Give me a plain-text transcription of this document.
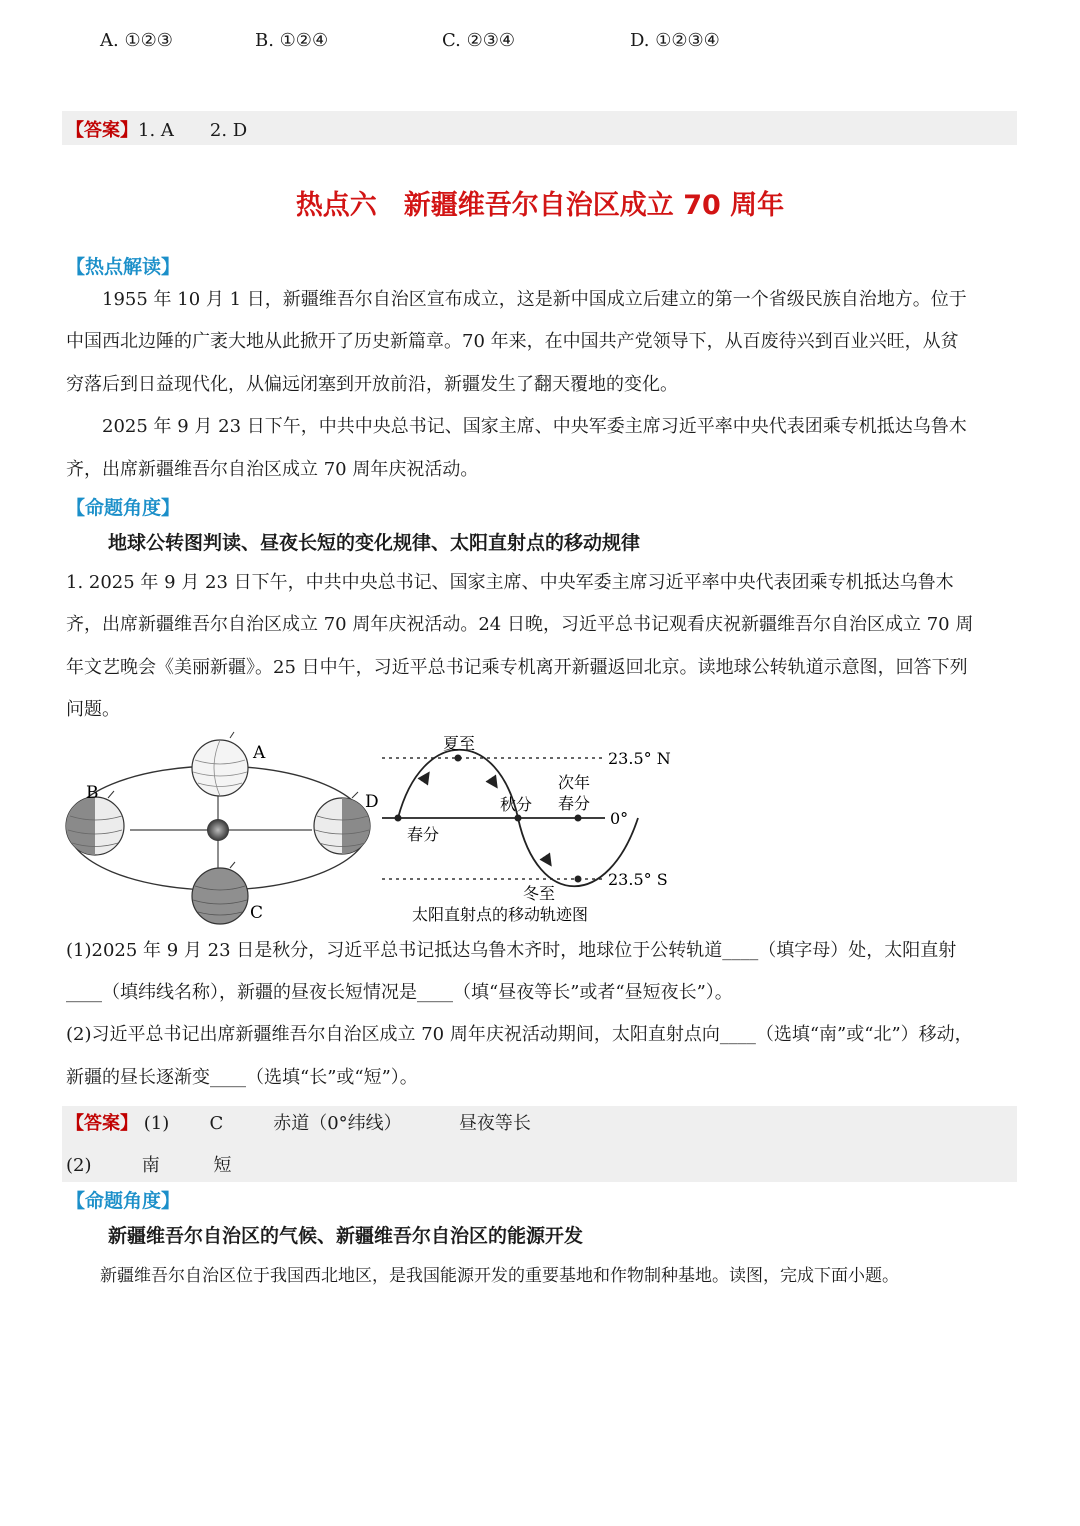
A. ①②③	B. ①②④	C. ②③④	D. ①②③④
【答案】1. A　　2. D
热点六　新疆维吾尔自治区成立 70 周年
【热点解读】
　　1955 年 10 月 1 日，新疆维吾尔自治区宣布成立，这是新中国成立后建立的第一个省级民族自治地方。位于
中国西北边陲的广袤大地从此掀开了历史新篇章。70 年来，在中国共产党领导下，从百废待兴到百业兴旺，从贫
穷落后到日益现代化，从偏远闭塞到开放前沿，新疆发生了翻天覆地的变化。
　　2025 年 9 月 23 日下午，中共中央总书记、国家主席、中央军委主席习近平率中央代表团乘专机抵达乌鲁木
齐，出席新疆维吾尔自治区成立 70 周年庆祝活动。
【命题角度】
地球公转图判读、昼夜长短的变化规律、太阳直射点的移动规律
1. 2025 年 9 月 23 日下午，中共中央总书记、国家主席、中央军委主席习近平率中央代表团乘专机抵达乌鲁木
齐，出席新疆维吾尔自治区成立 70 周年庆祝活动。24 日晚，习近平总书记观看庆祝新疆维吾尔自治区成立 70 周
年文艺晚会《美丽新疆》。25 日中午，习近平总书记乘专机离开新疆返回北京。读地球公转轨道示意图，回答下列
问题。
A
B
C
D
夏至
春分
秋分
次年
春分
冬至
23.5° N
0°
23.5° S
太阳直射点的移动轨迹图
(1)2025 年 9 月 23 日是秋分，习近平总书记抵达乌鲁木齐时，地球位于公转轨道____（填字母）处，太阳直射
____（填纬线名称），新疆的昼夜长短情况是____（填“昼夜等长”或者“昼短夜长”）。
(2)习近平总书记出席新疆维吾尔自治区成立 70 周年庆祝活动期间，太阳直射点向____（选填“南”或“北”）移动，
新疆的昼长逐渐变____（选填“长”或“短”）。
【答案】 (1) C	赤道（0°纬线）	昼夜等长
(2)	南	短
【命题角度】
新疆维吾尔自治区的气候、新疆维吾尔自治区的能源开发
　　新疆维吾尔自治区位于我国西北地区，是我国能源开发的重要基地和作物制种基地。读图，完成下面小题。
